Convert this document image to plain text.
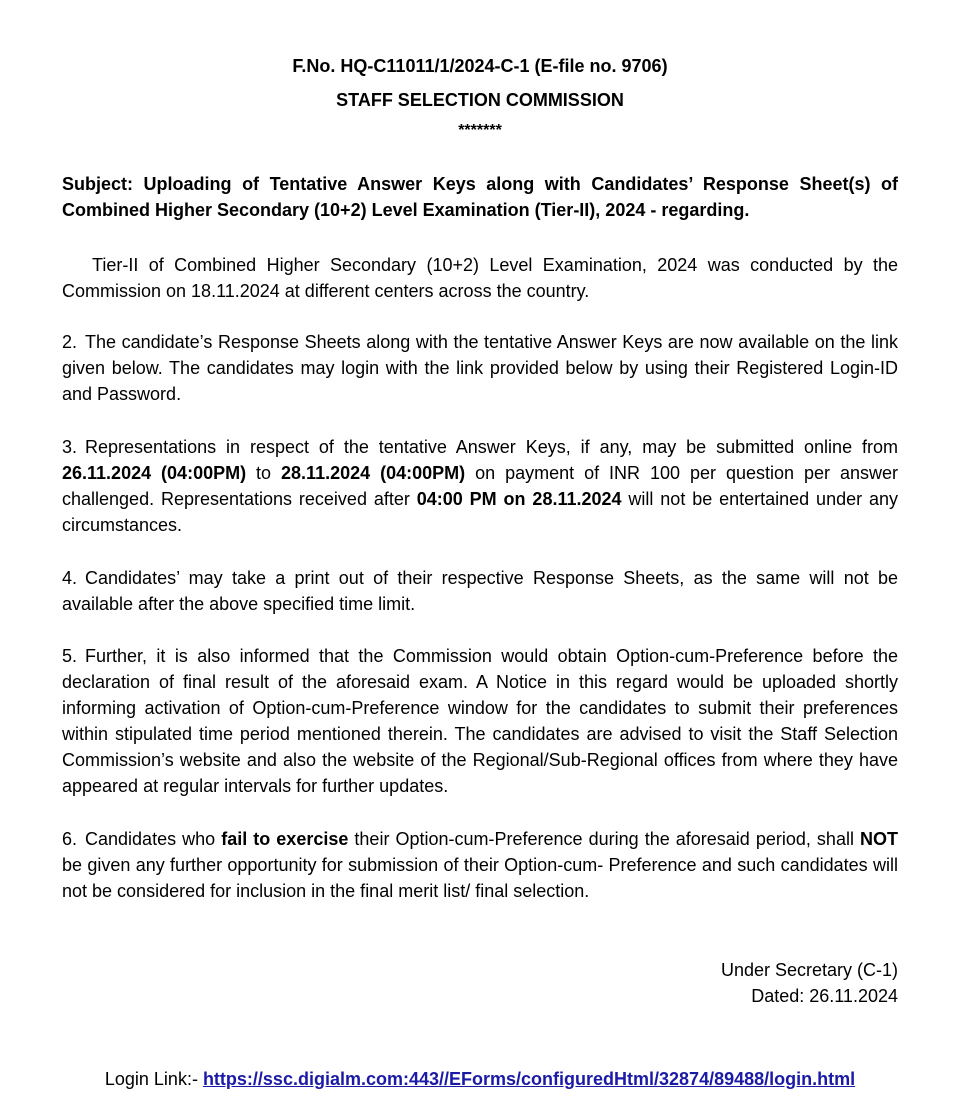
F.No. HQ-C11011/1/2024-C-1 (E-file no. 9706)
STAFF SELECTION COMMISSION
*******
Subject: Uploading of Tentative Answer Keys along with Candidates’ Response Sheet(s) of Combined Higher Secondary (10+2) Level Examination (Tier-II), 2024 - regarding.
Tier-II of Combined Higher Secondary (10+2) Level Examination, 2024 was conducted by the Commission on 18.11.2024 at different centers across the country.
2. The candidate’s Response Sheets along with the tentative Answer Keys are now available on the link given below. The candidates may login with the link provided below by using their Registered Login-ID and Password.
3. Representations in respect of the tentative Answer Keys, if any, may be submitted online from 26.11.2024 (04:00PM) to 28.11.2024 (04:00PM) on payment of INR 100 per question per answer challenged. Representations received after 04:00 PM on 28.11.2024 will not be entertained under any circumstances.
4. Candidates’ may take a print out of their respective Response Sheets, as the same will not be available after the above specified time limit.
5. Further, it is also informed that the Commission would obtain Option-cum-Preference before the declaration of final result of the aforesaid exam. A Notice in this regard would be uploaded shortly informing activation of Option-cum-Preference window for the candidates to submit their preferences within stipulated time period mentioned therein. The candidates are advised to visit the Staff Selection Commission’s website and also the website of the Regional/Sub-Regional offices from where they have appeared at regular intervals for further updates.
6. Candidates who fail to exercise their Option-cum-Preference during the aforesaid period, shall NOT be given any further opportunity for submission of their Option-cum- Preference and such candidates will not be considered for inclusion in the final merit list/ final selection.
Under Secretary (C-1)
Dated: 26.11.2024
Login Link:- https://ssc.digialm.com:443//EForms/configuredHtml/32874/89488/login.html
